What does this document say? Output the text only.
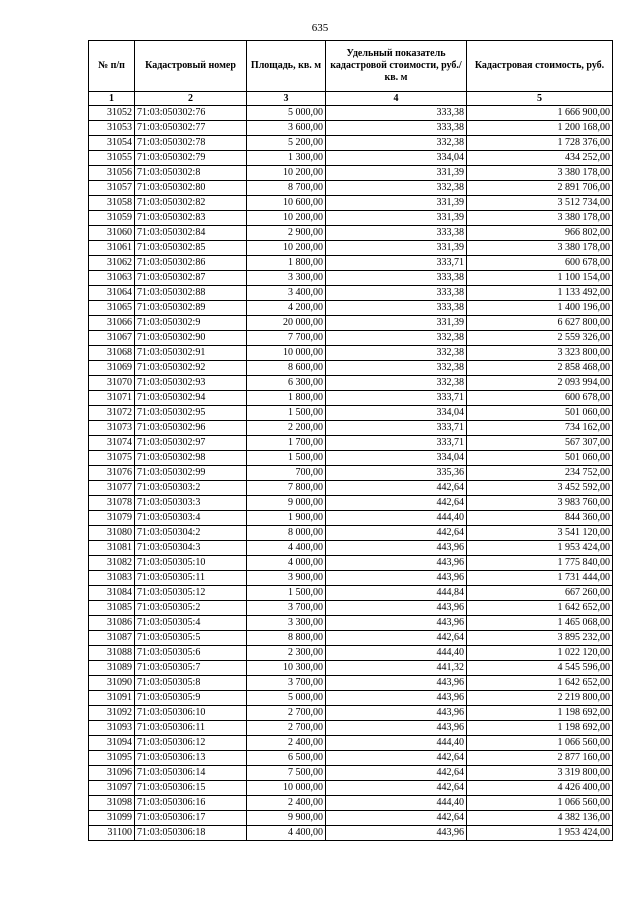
635
№ п/п	Кадастровый номер	Площадь, кв. м	Удельный показатель кадастровой стоимости, руб./кв. м	Кадастровая стоимость, руб.
1	2	3	4	5
31052	71:03:050302:76	5 000,00	333,38	1 666 900,00
31053	71:03:050302:77	3 600,00	333,38	1 200 168,00
31054	71:03:050302:78	5 200,00	332,38	1 728 376,00
31055	71:03:050302:79	1 300,00	334,04	434 252,00
31056	71:03:050302:8	10 200,00	331,39	3 380 178,00
31057	71:03:050302:80	8 700,00	332,38	2 891 706,00
31058	71:03:050302:82	10 600,00	331,39	3 512 734,00
31059	71:03:050302:83	10 200,00	331,39	3 380 178,00
31060	71:03:050302:84	2 900,00	333,38	966 802,00
31061	71:03:050302:85	10 200,00	331,39	3 380 178,00
31062	71:03:050302:86	1 800,00	333,71	600 678,00
31063	71:03:050302:87	3 300,00	333,38	1 100 154,00
31064	71:03:050302:88	3 400,00	333,38	1 133 492,00
31065	71:03:050302:89	4 200,00	333,38	1 400 196,00
31066	71:03:050302:9	20 000,00	331,39	6 627 800,00
31067	71:03:050302:90	7 700,00	332,38	2 559 326,00
31068	71:03:050302:91	10 000,00	332,38	3 323 800,00
31069	71:03:050302:92	8 600,00	332,38	2 858 468,00
31070	71:03:050302:93	6 300,00	332,38	2 093 994,00
31071	71:03:050302:94	1 800,00	333,71	600 678,00
31072	71:03:050302:95	1 500,00	334,04	501 060,00
31073	71:03:050302:96	2 200,00	333,71	734 162,00
31074	71:03:050302:97	1 700,00	333,71	567 307,00
31075	71:03:050302:98	1 500,00	334,04	501 060,00
31076	71:03:050302:99	700,00	335,36	234 752,00
31077	71:03:050303:2	7 800,00	442,64	3 452 592,00
31078	71:03:050303:3	9 000,00	442,64	3 983 760,00
31079	71:03:050303:4	1 900,00	444,40	844 360,00
31080	71:03:050304:2	8 000,00	442,64	3 541 120,00
31081	71:03:050304:3	4 400,00	443,96	1 953 424,00
31082	71:03:050305:10	4 000,00	443,96	1 775 840,00
31083	71:03:050305:11	3 900,00	443,96	1 731 444,00
31084	71:03:050305:12	1 500,00	444,84	667 260,00
31085	71:03:050305:2	3 700,00	443,96	1 642 652,00
31086	71:03:050305:4	3 300,00	443,96	1 465 068,00
31087	71:03:050305:5	8 800,00	442,64	3 895 232,00
31088	71:03:050305:6	2 300,00	444,40	1 022 120,00
31089	71:03:050305:7	10 300,00	441,32	4 545 596,00
31090	71:03:050305:8	3 700,00	443,96	1 642 652,00
31091	71:03:050305:9	5 000,00	443,96	2 219 800,00
31092	71:03:050306:10	2 700,00	443,96	1 198 692,00
31093	71:03:050306:11	2 700,00	443,96	1 198 692,00
31094	71:03:050306:12	2 400,00	444,40	1 066 560,00
31095	71:03:050306:13	6 500,00	442,64	2 877 160,00
31096	71:03:050306:14	7 500,00	442,64	3 319 800,00
31097	71:03:050306:15	10 000,00	442,64	4 426 400,00
31098	71:03:050306:16	2 400,00	444,40	1 066 560,00
31099	71:03:050306:17	9 900,00	442,64	4 382 136,00
31100	71:03:050306:18	4 400,00	443,96	1 953 424,00
